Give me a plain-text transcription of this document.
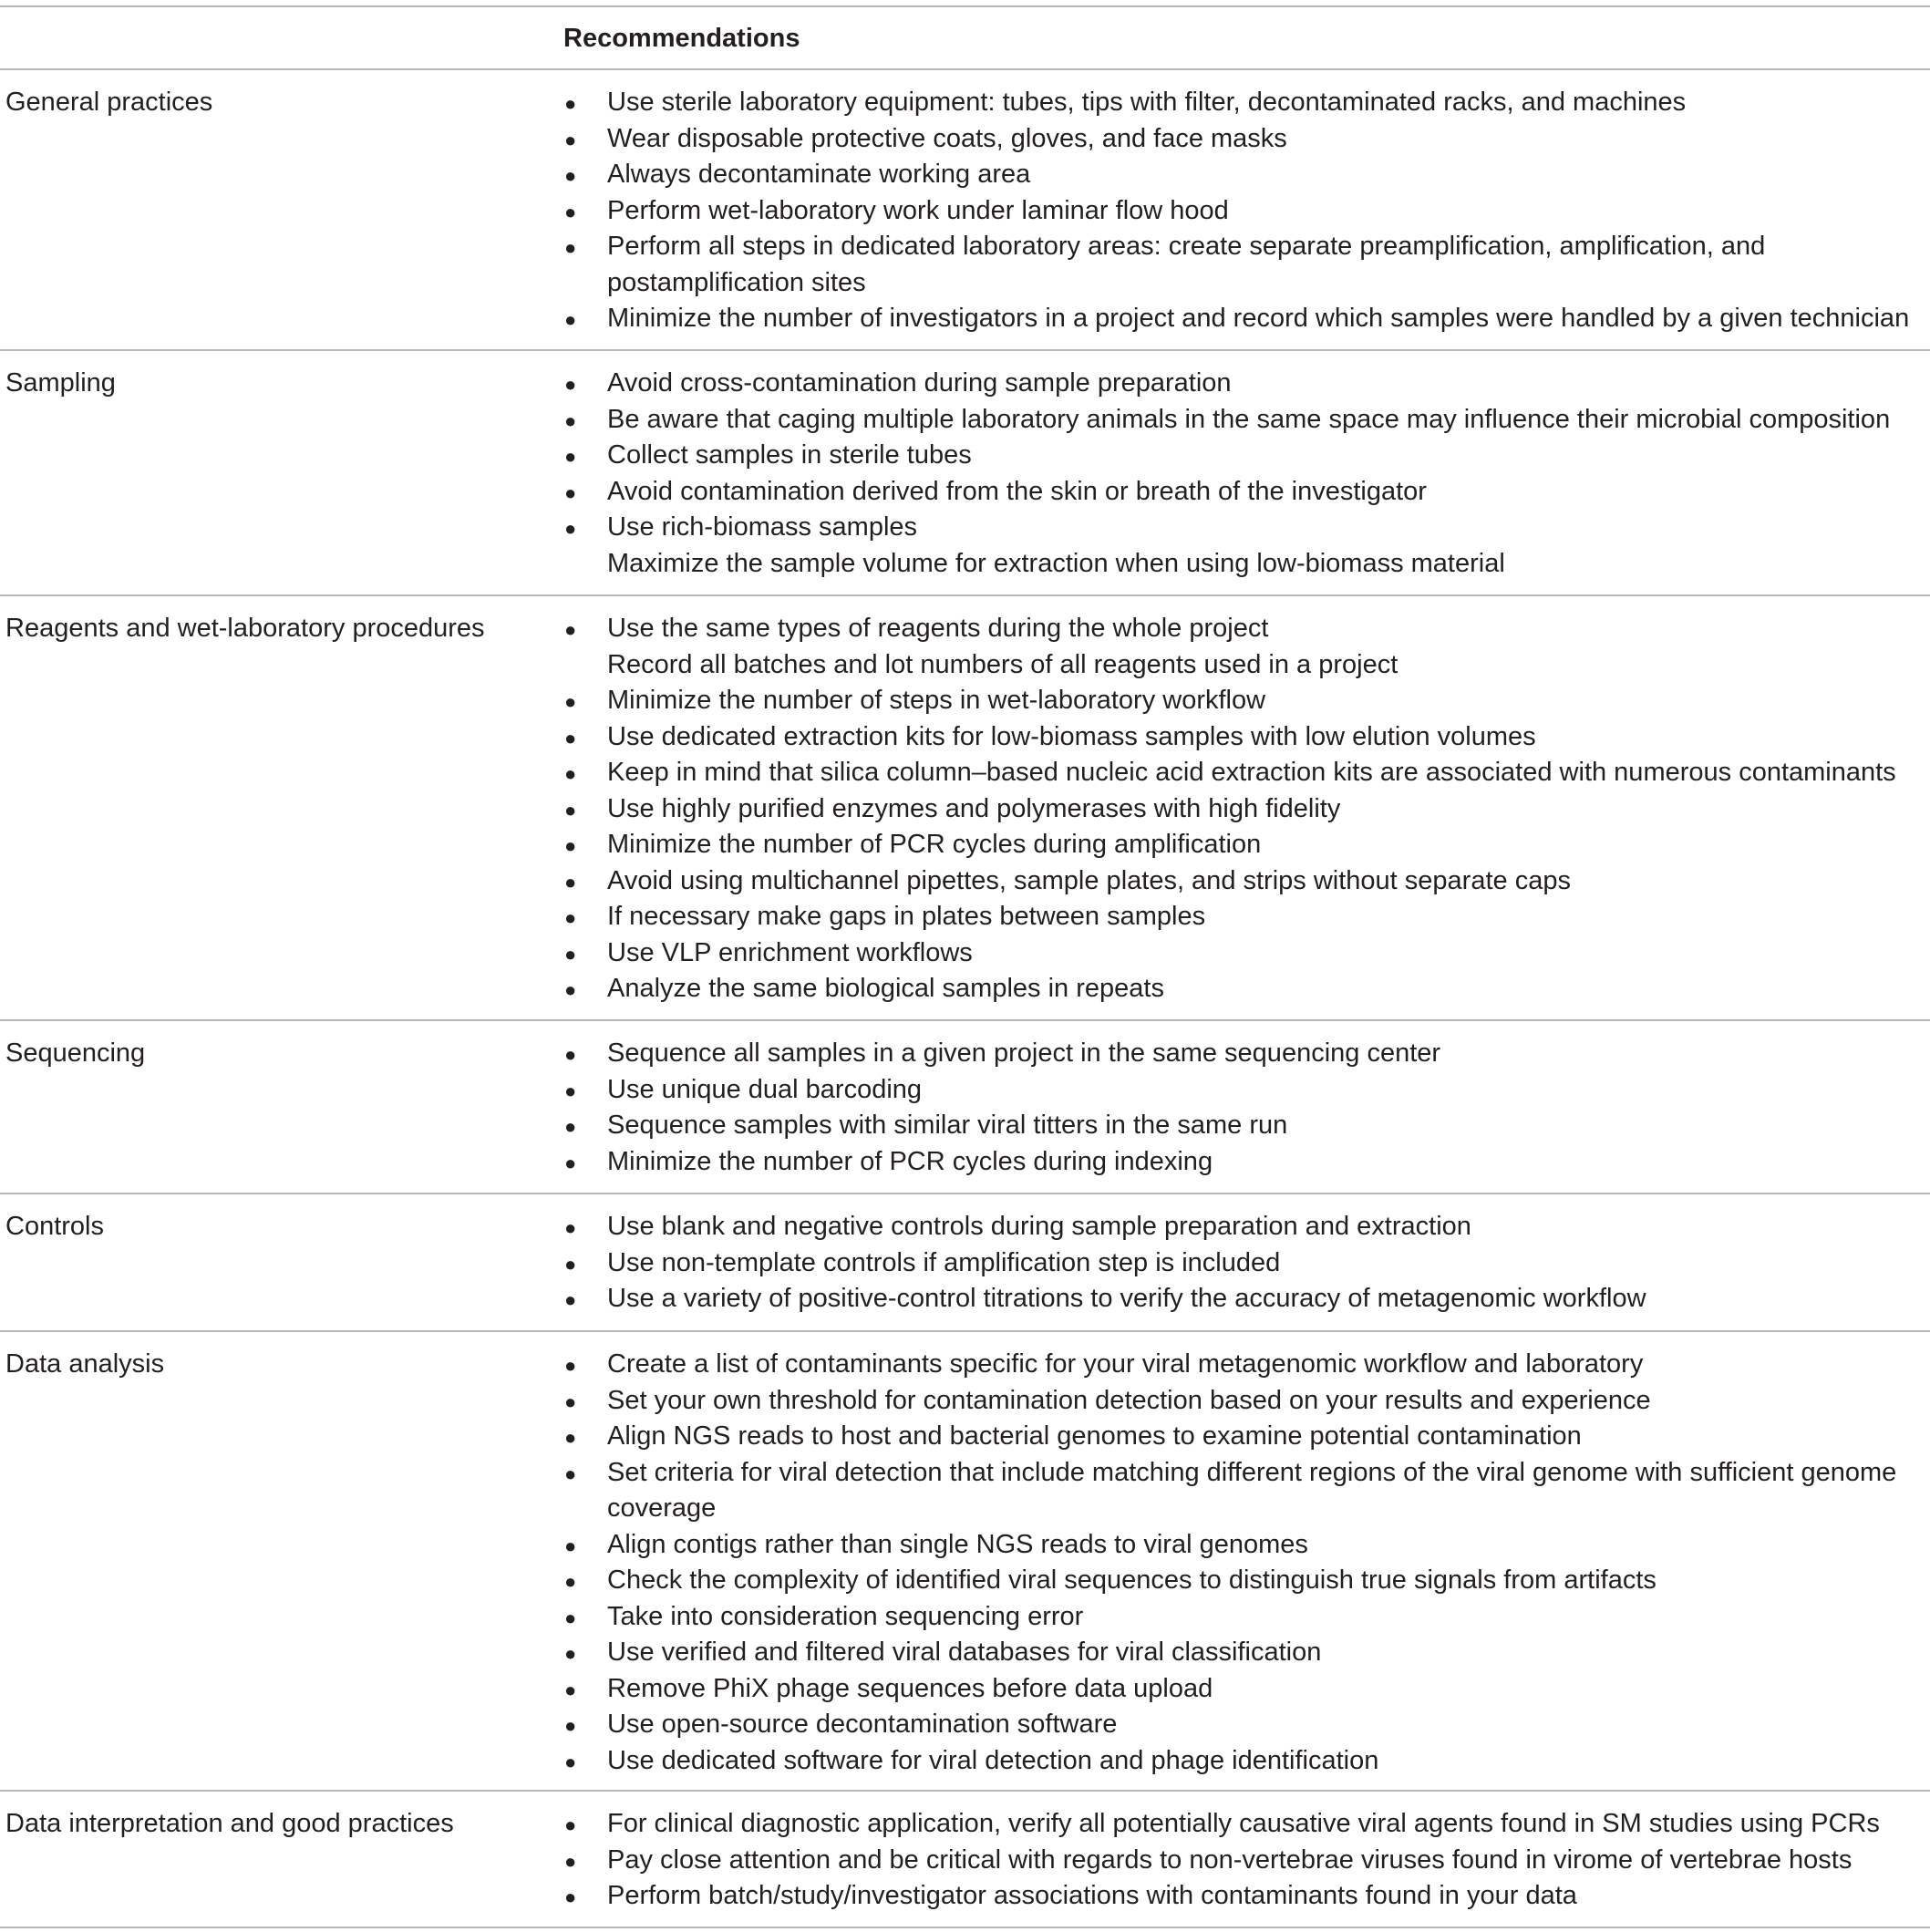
Recommendations
General practices	● Use sterile laboratory equipment: tubes, tips with filter, decontaminated racks, and machines
● Wear disposable protective coats, gloves, and face masks
● Always decontaminate working area
● Perform wet-laboratory work under laminar flow hood
● Perform all steps in dedicated laboratory areas: create separate preamplification, amplification, and postamplification sites
● Minimize the number of investigators in a project and record which samples were handled by a given technician
Sampling	● Avoid cross-contamination during sample preparation
● Be aware that caging multiple laboratory animals in the same space may influence their microbial composition
● Collect samples in sterile tubes
● Avoid contamination derived from the skin or breath of the investigator
● Use rich-biomass samples
Maximize the sample volume for extraction when using low-biomass material
Reagents and wet-laboratory procedures	● Use the same types of reagents during the whole project
Record all batches and lot numbers of all reagents used in a project
● Minimize the number of steps in wet-laboratory workflow
● Use dedicated extraction kits for low-biomass samples with low elution volumes
● Keep in mind that silica column–based nucleic acid extraction kits are associated with numerous contaminants
● Use highly purified enzymes and polymerases with high fidelity
● Minimize the number of PCR cycles during amplification
● Avoid using multichannel pipettes, sample plates, and strips without separate caps
● If necessary make gaps in plates between samples
● Use VLP enrichment workflows
● Analyze the same biological samples in repeats
Sequencing	● Sequence all samples in a given project in the same sequencing center
● Use unique dual barcoding
● Sequence samples with similar viral titters in the same run
● Minimize the number of PCR cycles during indexing
Controls	● Use blank and negative controls during sample preparation and extraction
● Use non-template controls if amplification step is included
● Use a variety of positive-control titrations to verify the accuracy of metagenomic workflow
Data analysis	● Create a list of contaminants specific for your viral metagenomic workflow and laboratory
● Set your own threshold for contamination detection based on your results and experience
● Align NGS reads to host and bacterial genomes to examine potential contamination
● Set criteria for viral detection that include matching different regions of the viral genome with sufficient genome coverage
● Align contigs rather than single NGS reads to viral genomes
● Check the complexity of identified viral sequences to distinguish true signals from artifacts
● Take into consideration sequencing error
● Use verified and filtered viral databases for viral classification
● Remove PhiX phage sequences before data upload
● Use open-source decontamination software
● Use dedicated software for viral detection and phage identification
Data interpretation and good practices	● For clinical diagnostic application, verify all potentially causative viral agents found in SM studies using PCRs
● Pay close attention and be critical with regards to non-vertebrae viruses found in virome of vertebrae hosts
● Perform batch/study/investigator associations with contaminants found in your data
